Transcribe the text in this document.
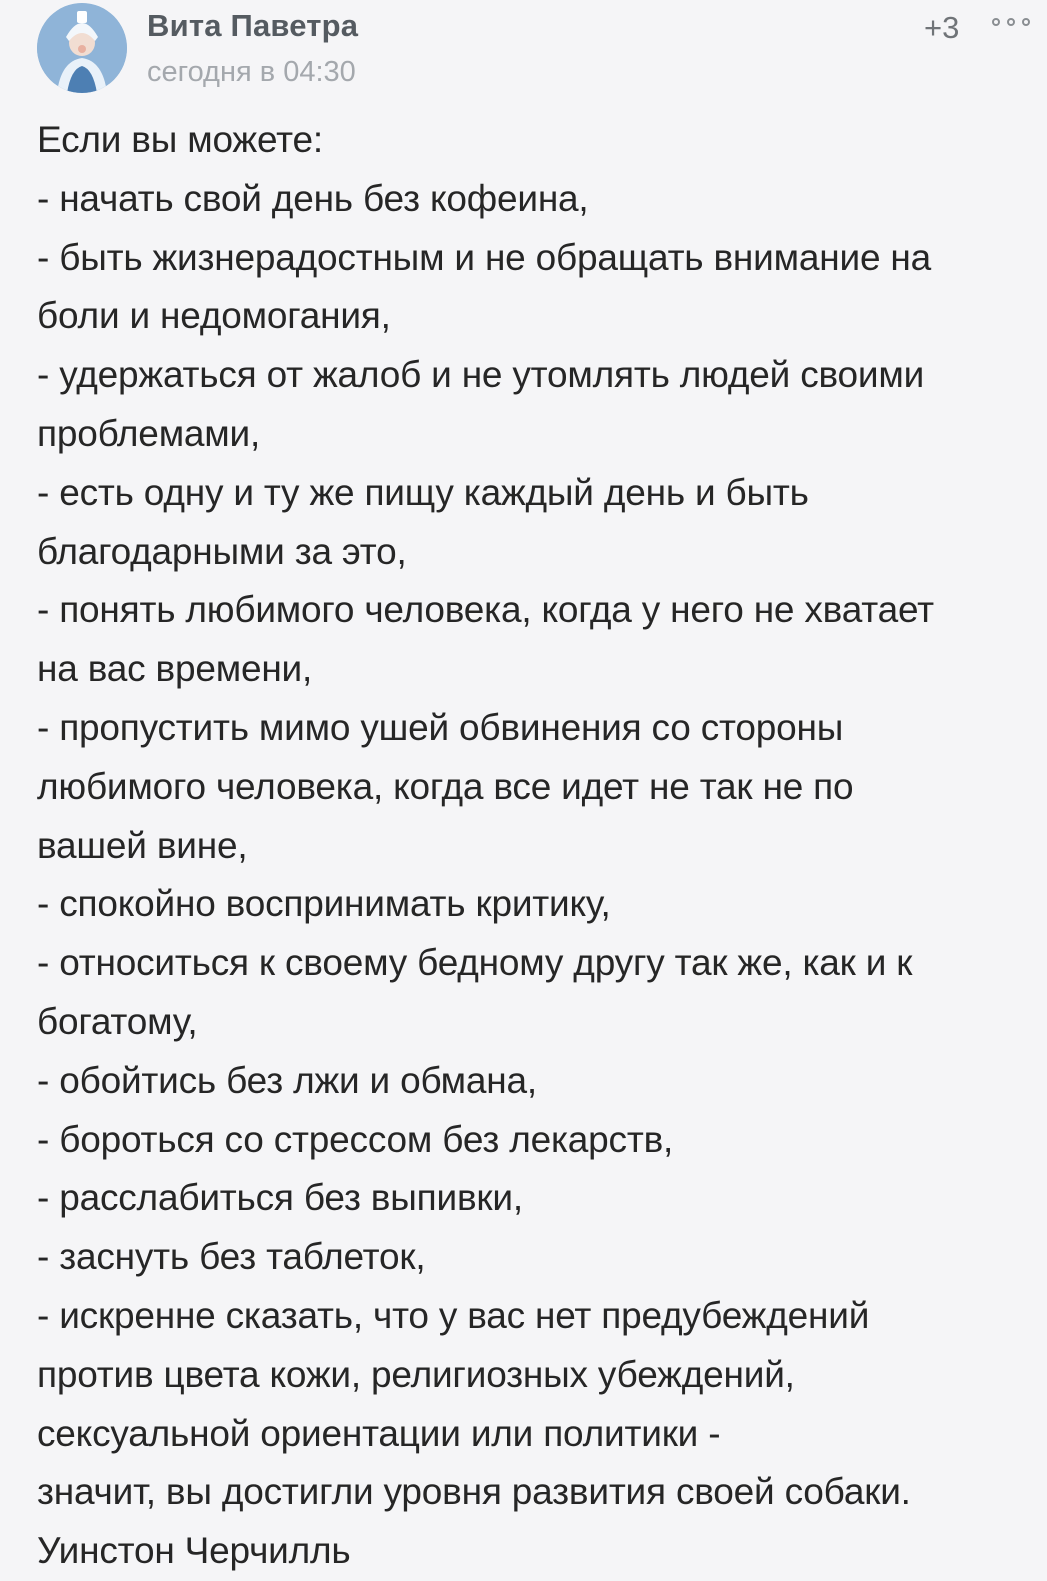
Вита Паветра
сегодня в 04:30
+3
Если вы можете:
- начать свой день без кофеина,
- быть жизнерадостным и не обращать внимание на
боли и недомогания,
- удержаться от жалоб и не утомлять людей своими
проблемами,
- есть одну и ту же пищу каждый день и быть
благодарными за это,
- понять любимого человека, когда у него не хватает
на вас времени,
- пропустить мимо ушей обвинения со стороны
любимого человека, когда все идет не так не по
вашей вине,
- спокойно воспринимать критику,
- относиться к своему бедному другу так же, как и к
богатому,
- обойтись без лжи и обмана,
- бороться со стрессом без лекарств,
- расслабиться без выпивки,
- заснуть без таблеток,
- искренне сказать, что у вас нет предубеждений
против цвета кожи, религиозных убеждений,
сексуальной ориентации или политики -
значит, вы достигли уровня развития своей собаки.
Уинстон Черчилль
